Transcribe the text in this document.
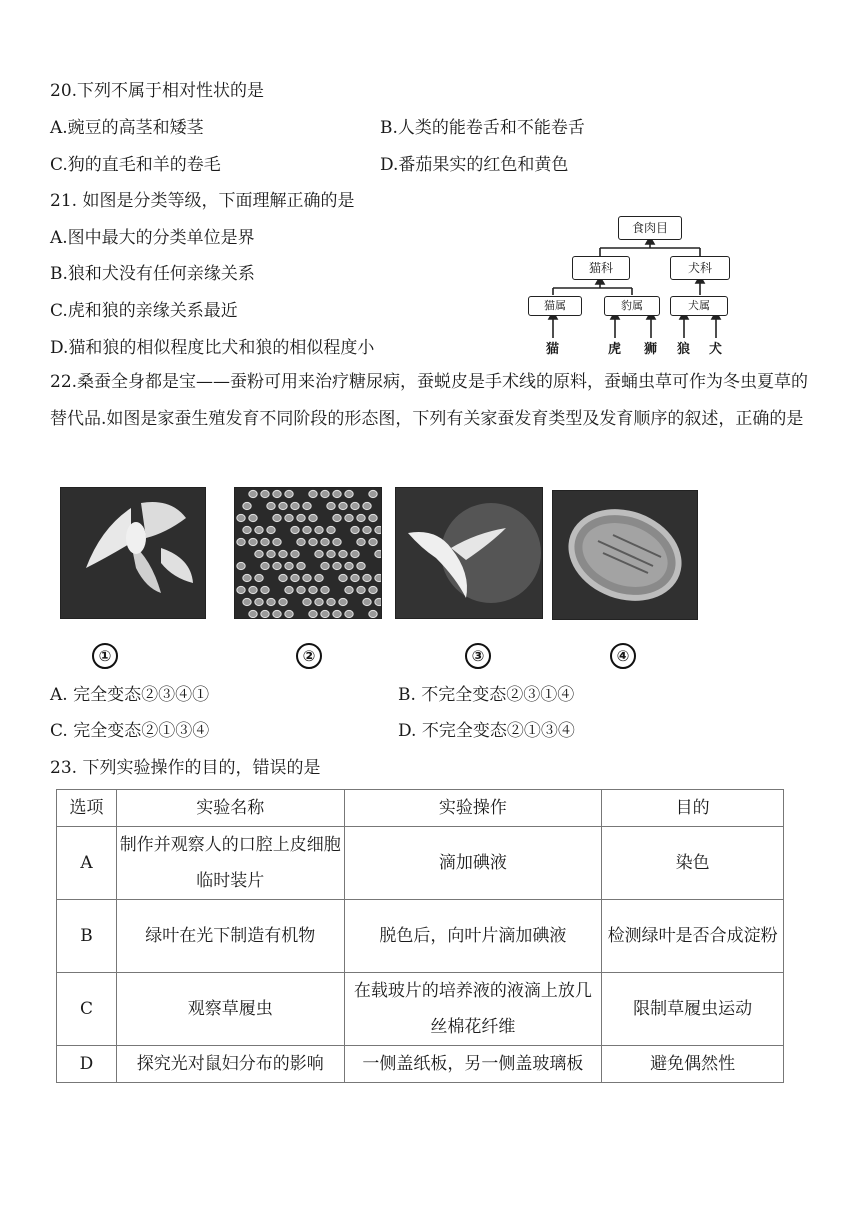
20.下列不属于相对性状的是
A.豌豆的高茎和矮茎	B.人类的能卷舌和不能卷舌
C.狗的直毛和羊的卷毛	D.番茄果实的红色和黄色
21. 如图是分类等级，下面理解正确的是
A.图中最大的分类单位是界
B.狼和犬没有任何亲缘关系
C.虎和狼的亲缘关系最近
D.猫和狼的相似程度比犬和狼的相似程度小
食肉目
猫科	犬科
猫属	豹属	犬属
猫	虎 狮 狼 犬
22.桑蚕全身都是宝——蚕粉可用来治疗糖尿病，蚕蜕皮是手术线的原料，蚕蛹虫草可作为冬虫夏草的替代品.如图是家蚕生殖发育不同阶段的形态图，下列有关家蚕发育类型及发育顺序的叙述，正确的是
①	②	③	④
A. 完全变态②③④①	B. 不完全变态②③①④
C. 完全变态②①③④	D. 不完全变态②①③④
23. 下列实验操作的目的，错误的是
选项	实验名称	实验操作	目的
A	制作并观察人的口腔上皮细胞临时装片	滴加碘液	染色
B	绿叶在光下制造有机物	脱色后，向叶片滴加碘液	检测绿叶是否合成淀粉
C	观察草履虫	在载玻片的培养液的液滴上放几丝棉花纤维	限制草履虫运动
D	探究光对鼠妇分布的影响	一侧盖纸板，另一侧盖玻璃板	避免偶然性
